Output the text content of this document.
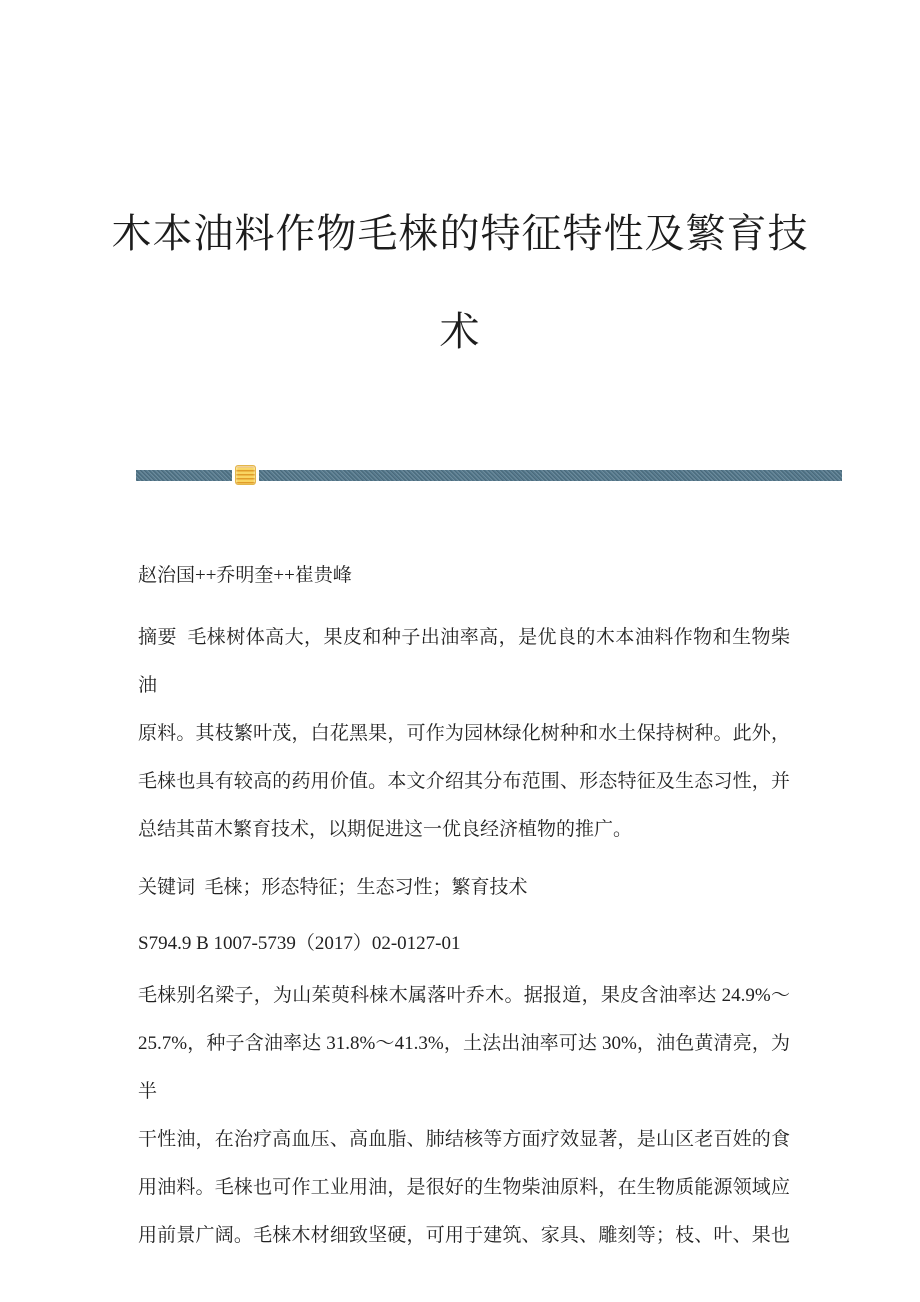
木本油料作物毛梾的特征特性及繁育技
术

赵治国++乔明奎++崔贵峰

摘要  毛梾树体高大，果皮和种子出油率高，是优良的木本油料作物和生物柴油

原料。其枝繁叶茂，白花黑果，可作为园林绿化树种和水土保持树种。此外，

毛梾也具有较高的药用价值。本文介绍其分布范围、形态特征及生态习性，并

总结其苗木繁育技术，以期促进这一优良经济植物的推广。

关键词  毛梾；形态特征；生态习性；繁育技术

S794.9 B 1007-5739（2017）02-0127-01

毛梾别名梁子，为山茱萸科梾木属落叶乔木。据报道，果皮含油率达 24.9%～

25.7%，种子含油率达 31.8%～41.3%，土法出油率可达 30%，油色黄清亮，为半

干性油，在治疗高血压、高血脂、肺结核等方面疗效显著，是山区老百姓的食

用油料。毛梾也可作工业用油，是很好的生物柴油原料，在生物质能源领域应

用前景广阔。毛梾木材细致坚硬，可用于建筑、家具、雕刻等；枝、叶、果也
